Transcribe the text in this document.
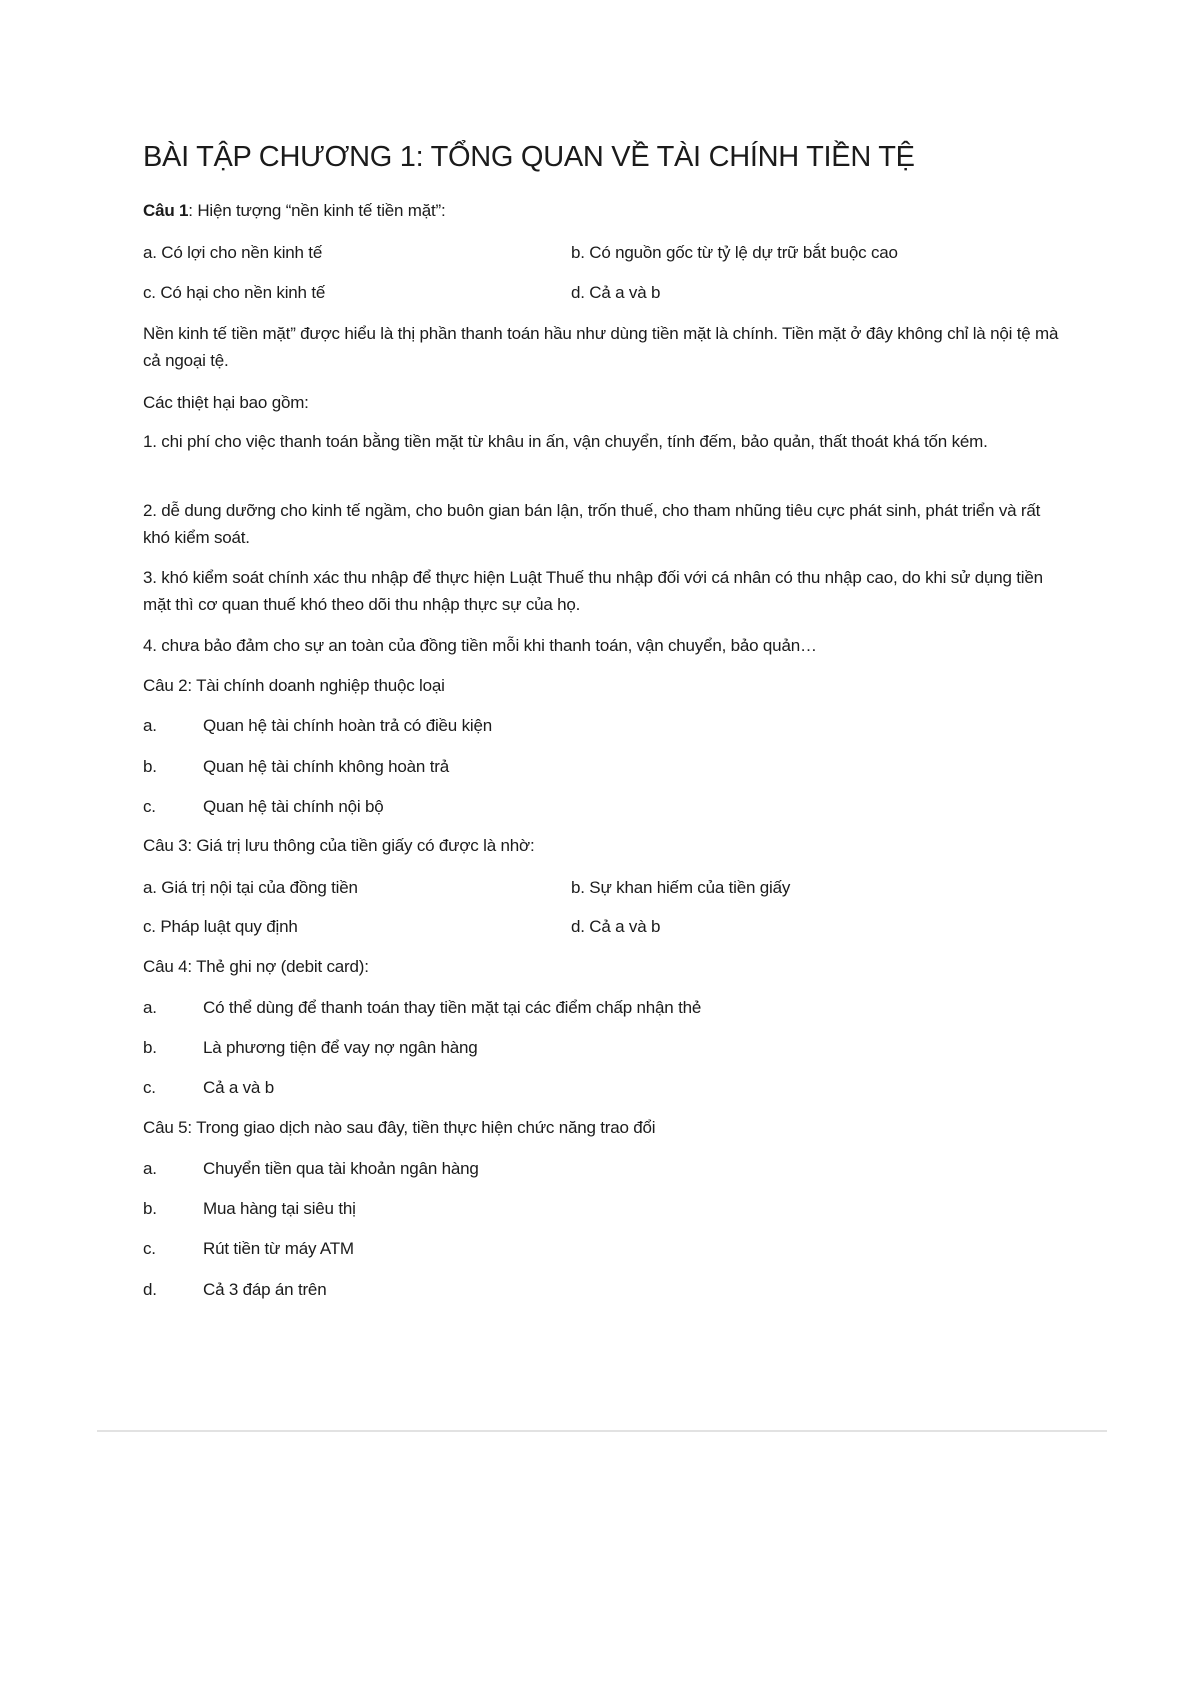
BÀI TẬP CHƯƠNG 1: TỔNG QUAN VỀ TÀI CHÍNH TIỀN TỆ
Câu 1: Hiện tượng “nền kinh tế tiền mặt”:
a. Có lợi cho nền kinh tế	b. Có nguồn gốc từ tỷ lệ dự trữ bắt buộc cao
c. Có hại cho nền kinh tế	d. Cả a và b
Nền kinh tế tiền mặt” được hiểu là thị phần thanh toán hầu như dùng tiền mặt là chính. Tiền mặt ở đây không chỉ là nội tệ mà cả ngoại tệ.
Các thiệt hại bao gồm:
1. chi phí cho việc thanh toán bằng tiền mặt từ khâu in ấn, vận chuyển, tính đếm, bảo quản, thất thoát khá tốn kém.
2. dễ dung dưỡng cho kinh tế ngầm, cho buôn gian bán lận, trốn thuế, cho tham nhũng tiêu cực phát sinh, phát triển và rất khó kiểm soát.
3. khó kiểm soát chính xác thu nhập để thực hiện Luật Thuế thu nhập đối với cá nhân có thu nhập cao, do khi sử dụng tiền mặt thì cơ quan thuế khó theo dõi thu nhập thực sự của họ.
4. chưa bảo đảm cho sự an toàn của đồng tiền mỗi khi thanh toán, vận chuyển, bảo quản…
Câu 2: Tài chính doanh nghiệp thuộc loại
a.	Quan hệ tài chính hoàn trả có điều kiện
b.	Quan hệ tài chính không hoàn trả
c.	Quan hệ tài chính nội bộ
Câu 3: Giá trị lưu thông của tiền giấy có được là nhờ:
a. Giá trị nội tại của đồng tiền	b. Sự khan hiếm của tiền giấy
c. Pháp luật quy định	d. Cả a và b
Câu 4: Thẻ ghi nợ (debit card):
a.	Có thể dùng để thanh toán thay tiền mặt tại các điểm chấp nhận thẻ
b.	Là phương tiện để vay nợ ngân hàng
c.	Cả a và b
Câu 5: Trong giao dịch nào sau đây, tiền thực hiện chức năng trao đổi
a.	Chuyển tiền qua tài khoản ngân hàng
b.	Mua hàng tại siêu thị
c.	Rút tiền từ máy ATM
d.	Cả 3 đáp án trên
